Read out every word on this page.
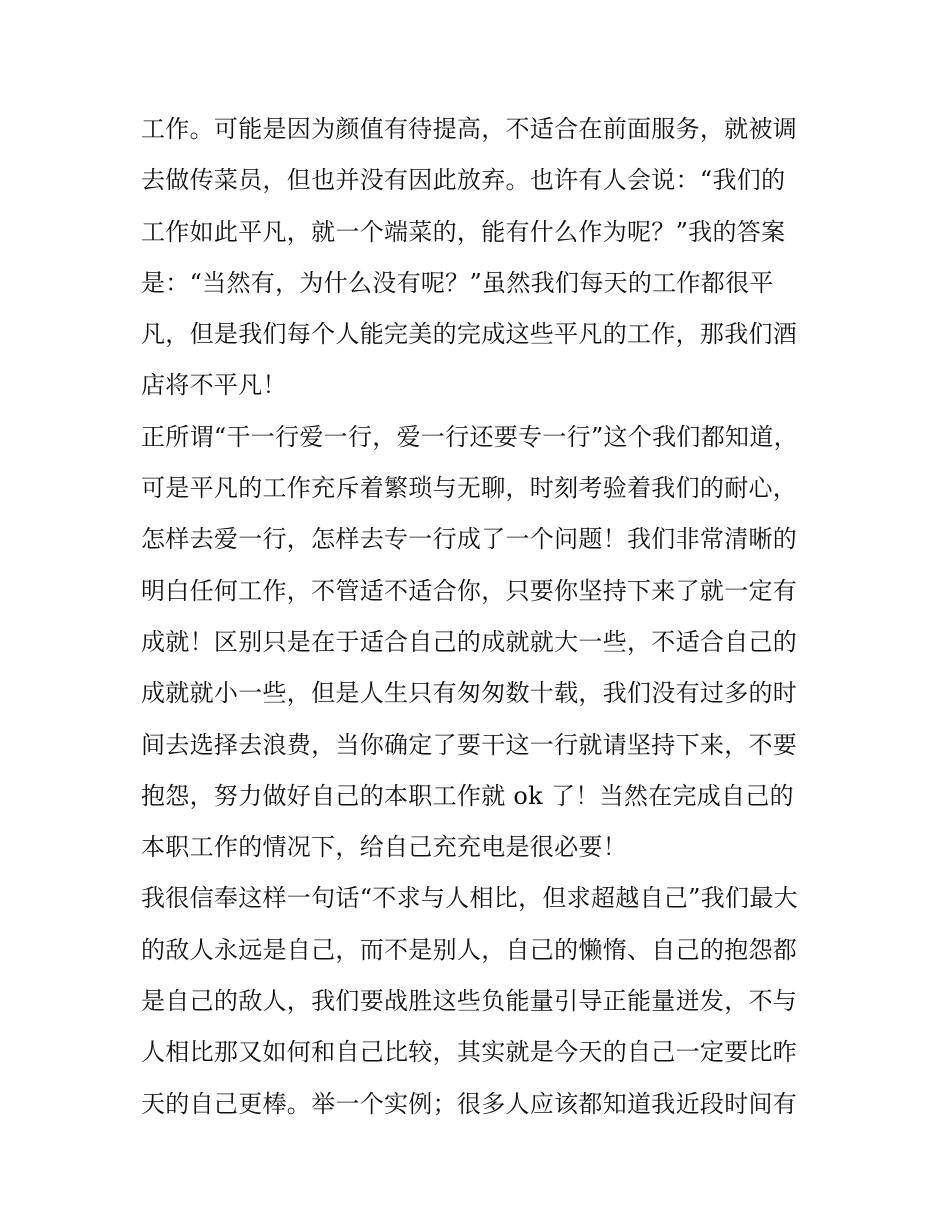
工作。可能是因为颜值有待提高，不适合在前面服务，就被调
去做传菜员，但也并没有因此放弃。也许有人会说：“我们的
工作如此平凡，就一个端菜的，能有什么作为呢？”我的答案
是：“当然有，为什么没有呢？”虽然我们每天的工作都很平
凡，但是我们每个人能完美的完成这些平凡的工作，那我们酒
店将不平凡！
正所谓“干一行爱一行，爱一行还要专一行”这个我们都知道，
可是平凡的工作充斥着繁琐与无聊，时刻考验着我们的耐心，
怎样去爱一行，怎样去专一行成了一个问题！我们非常清晰的
明白任何工作，不管适不适合你，只要你坚持下来了就一定有
成就！区别只是在于适合自己的成就就大一些，不适合自己的
成就就小一些，但是人生只有匆匆数十载，我们没有过多的时
间去选择去浪费，当你确定了要干这一行就请坚持下来，不要
抱怨，努力做好自己的本职工作就 ok 了！当然在完成自己的
本职工作的情况下，给自己充充电是很必要！
我很信奉这样一句话“不求与人相比，但求超越自己”我们最大
的敌人永远是自己，而不是别人，自己的懒惰、自己的抱怨都
是自己的敌人，我们要战胜这些负能量引导正能量迸发，不与
人相比那又如何和自己比较，其实就是今天的自己一定要比昨
天的自己更棒。举一个实例；很多人应该都知道我近段时间有
